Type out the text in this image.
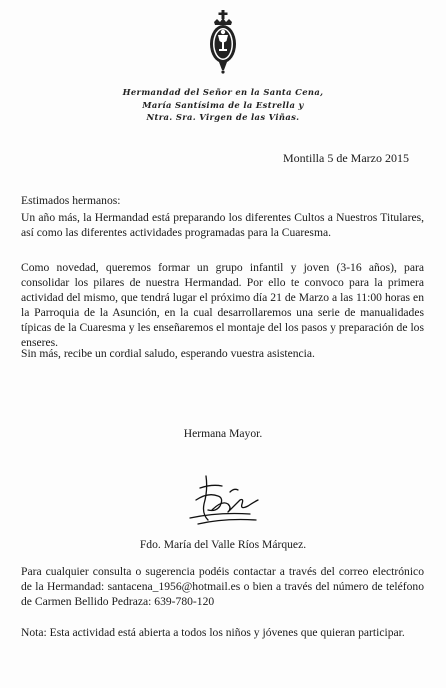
Hermandad del Señor en la Santa Cena,
María Santísima de la Estrella y
Ntra. Sra. Virgen de las Viñas.
Montilla 5 de Marzo 2015

Estimados hermanos:

Un año más, la Hermandad está preparando los diferentes Cultos a Nuestros Titulares, así como las diferentes actividades programadas para la Cuaresma.

Como novedad, queremos formar un grupo infantil y joven (3-16 años), para consolidar los pilares de nuestra Hermandad. Por ello te convoco para la primera actividad del mismo, que tendrá lugar el próximo día 21 de Marzo a las 11:00 horas en la Parroquia de la Asunción, en la cual desarrollaremos una serie de manualidades típicas de la Cuaresma y les enseñaremos el montaje del los pasos y preparación de los enseres.

Sin más, recibe un cordial saludo, esperando vuestra asistencia.

Hermana Mayor.
Fdo. María del Valle Ríos Márquez.

Para cualquier consulta o sugerencia podéis contactar a través del correo electrónico de la Hermandad: santacena_1956@hotmail.es o bien a través del número de teléfono de Carmen Bellido Pedraza: 639-780-120

Nota: Esta actividad está abierta a todos los niños y jóvenes que quieran participar.
